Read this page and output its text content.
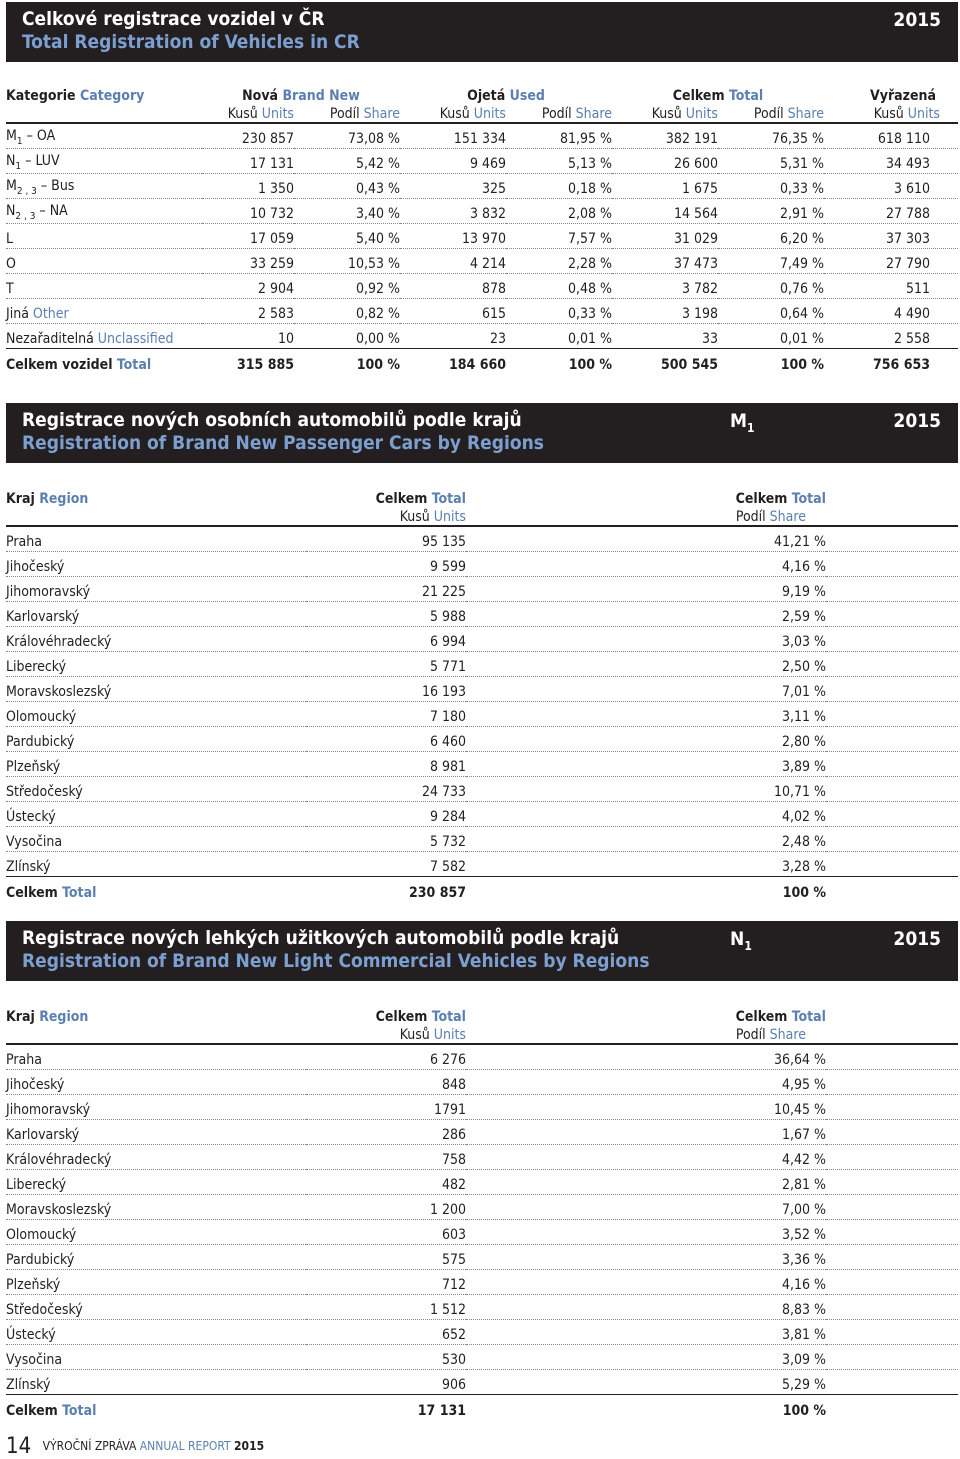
Celkové registrace vozidel v ČR
Total Registration of Vehicles in CR
2015
Kategorie Category	Nová Brand New		Ojetá Used		Celkem Total		Vyřazená
	Kusů Units	Podíl Share	Kusů Units	Podíl Share	Kusů Units	Podíl Share	Kusů Units
$M_1$ – OA	230 857	73,08 %	151 334	81,95 %	382 191	76,35 %	618 110
$N_1$ – LUV	17 131	5,42 %	9 469	5,13 %	26 600	5,31 %	34 493
$M_{2 , 3}$ – Bus	1 350	0,43 %	325	0,18 %	1 675	0,33 %	3 610
$N_{2 , 3}$ – NA	10 732	3,40 %	3 832	2,08 %	14 564	2,91 %	27 788
L	17 059	5,40 %	13 970	7,57 %	31 029	6,20 %	37 303
O	33 259	10,53 %	4 214	2,28 %	37 473	7,49 %	27 790
T	2 904	0,92 %	878	0,48 %	3 782	0,76 %	511
Jiná Other	2 583	0,82 %	615	0,33 %	3 198	0,64 %	4 490
Nezařaditelná Unclassified	10	0,00 %	23	0,01 %	33	0,01 %	2 558
Celkem vozidel Total	315 885	100 %	184 660	100 %	500 545	100 %	756 653
Registrace nových osobních automobilů podle krajů
Registration of Brand New Passenger Cars by Regions
$M_1$	2015
Kraj Region	Celkem Total	Celkem Total	
	Kusů Units	Podíl Share	
Praha	95 135	41,21 %	
Jihočeský	9 599	4,16 %	
Jihomoravský	21 225	9,19 %	
Karlovarský	5 988	2,59 %	
Královéhradecký	6 994	3,03 %	
Liberecký	5 771	2,50 %	
Moravskoslezský	16 193	7,01 %	
Olomoucký	7 180	3,11 %	
Pardubický	6 460	2,80 %	
Plzeňský	8 981	3,89 %	
Středočeský	24 733	10,71 %	
Ústecký	9 284	4,02 %	
Vysočina	5 732	2,48 %	
Zlínský	7 582	3,28 %	
Celkem Total	230 857	100 %	
Registrace nových lehkých užitkových automobilů podle krajů
Registration of Brand New Light Commercial Vehicles by Regions
$N_1$	2015
Kraj Region	Celkem Total	Celkem Total	
	Kusů Units	Podíl Share	
Praha	6 276	36,64 %	
Jihočeský	848	4,95 %	
Jihomoravský	1791	10,45 %	
Karlovarský	286	1,67 %	
Královéhradecký	758	4,42 %	
Liberecký	482	2,81 %	
Moravskoslezský	1 200	7,00 %	
Olomoucký	603	3,52 %	
Pardubický	575	3,36 %	
Plzeňský	712	4,16 %	
Středočeský	1 512	8,83 %	
Ústecký	652	3,81 %	
Vysočina	530	3,09 %	
Zlínský	906	5,29 %	
Celkem Total	17 131	100 %	
14 VÝROČNÍ ZPRÁVA ANNUAL REPORT 2015
